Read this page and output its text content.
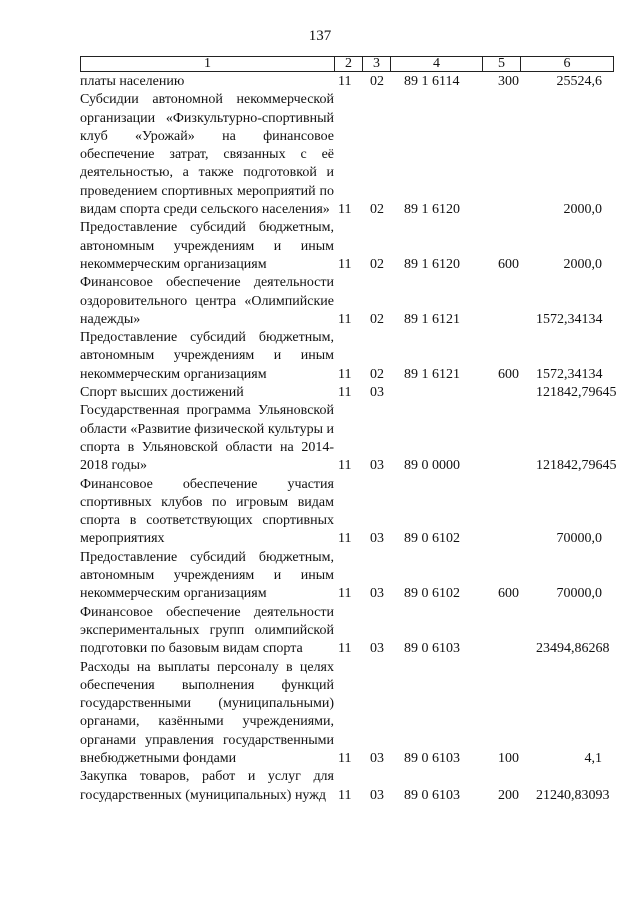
137
1	2	3	4	5	6
платы населению	11	02	89 1 6114	300	25524,6
Субсидии автономной некоммерческой организации «Физкультурно-спортивный клуб «Урожай» на финансовое обеспечение затрат, связанных с её деятельностью, а также подготовкой и проведением спортивных мероприятий по видам спорта среди сельского населения»	11	02	89 1 6120		2000,0
Предоставление субсидий бюджетным, автономным учреждениям и иным некоммерческим организациям	11	02	89 1 6120	600	2000,0
Финансовое обеспечение деятельности оздоровительного центра «Олимпийские надежды»	11	02	89 1 6121		1572,34134
Предоставление субсидий бюджетным, автономным учреждениям и иным некоммерческим организациям	11	02	89 1 6121	600	1572,34134
Спорт высших достижений	11	03			121842,79645
Государственная программа Ульяновской области «Развитие физической культуры и спорта в Ульяновской области на 2014-2018 годы»	11	03	89 0 0000		121842,79645
Финансовое обеспечение участия спортивных клубов по игровым видам спорта в соответствующих спортивных мероприятиях	11	03	89 0 6102		70000,0
Предоставление субсидий бюджетным, автономным учреждениям и иным некоммерческим организациям	11	03	89 0 6102	600	70000,0
Финансовое обеспечение деятельности экспериментальных групп олимпийской подготовки по базовым видам спорта	11	03	89 0 6103		23494,86268
Расходы на выплаты персоналу в целях обеспечения выполнения функций государственными (муниципальными) органами, казёнными учреждениями, органами управления государственными внебюджетными фондами	11	03	89 0 6103	100	4,1
Закупка товаров, работ и услуг для государственных (муниципальных) нужд	11	03	89 0 6103	200	21240,83093
